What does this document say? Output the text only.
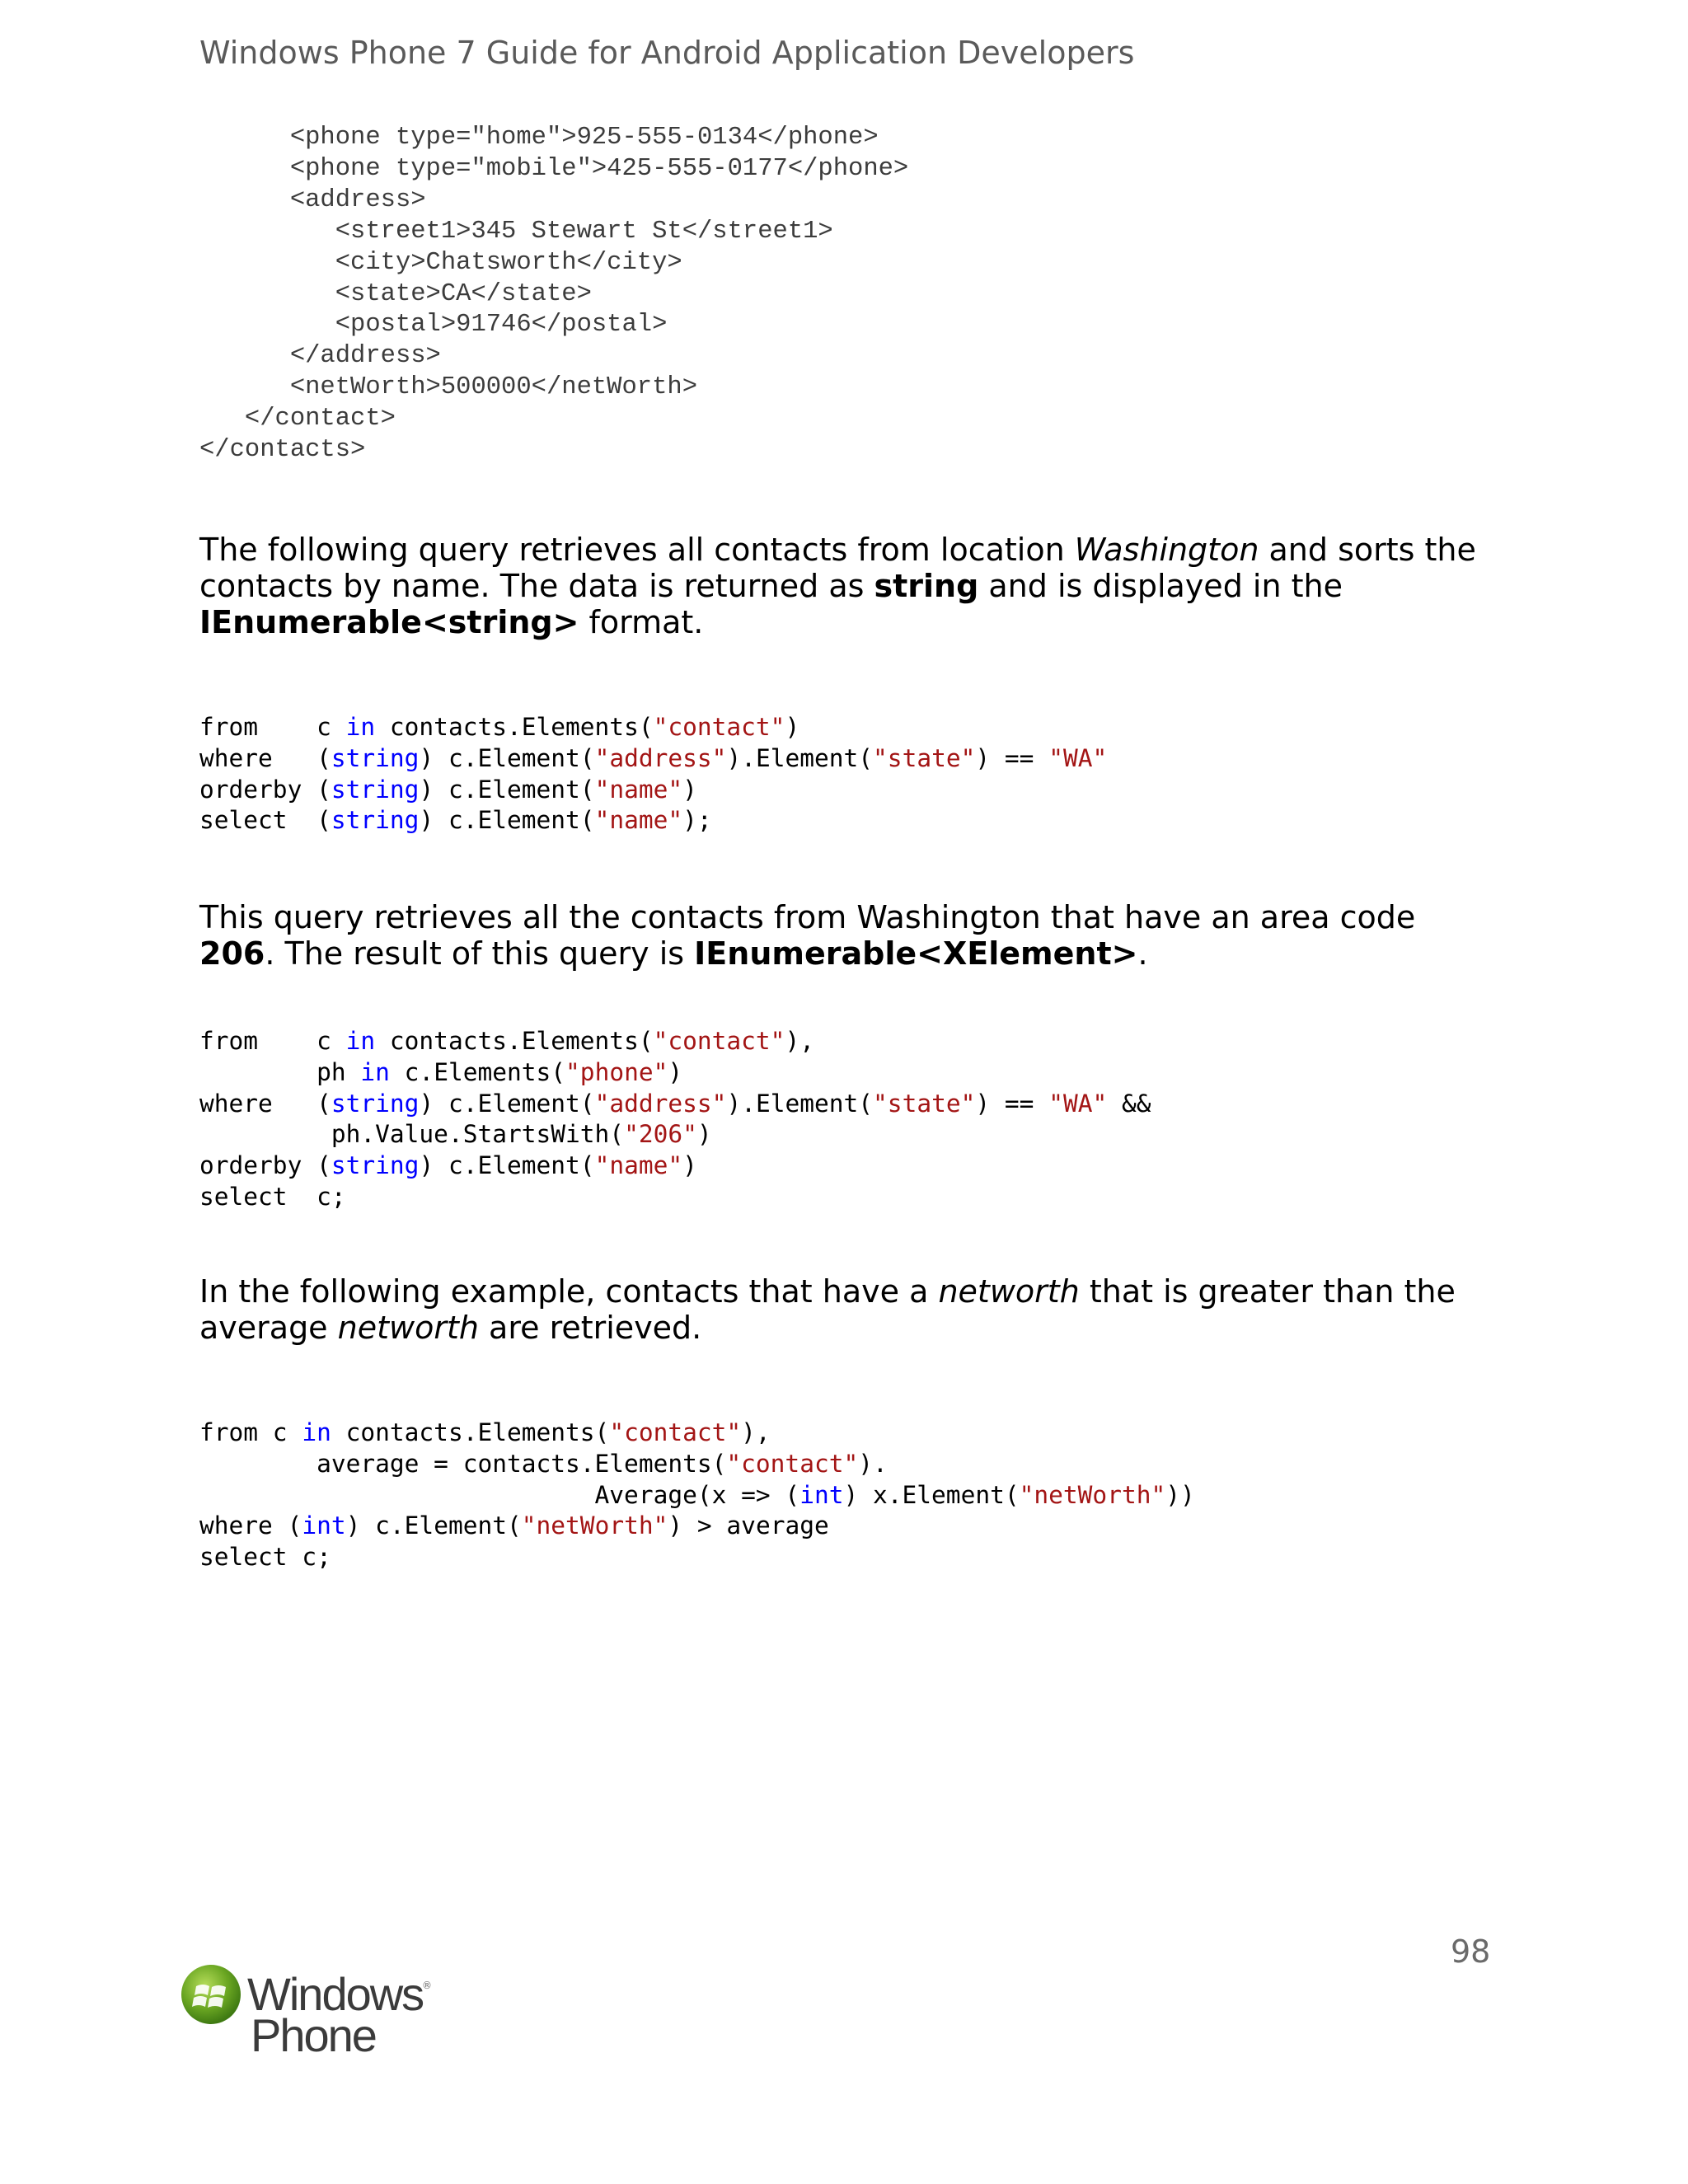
Windows Phone 7 Guide for Android Application Developers
<phone type="home">925-555-0134</phone>
<phone type="mobile">425-555-0177</phone>
<address>
<street1>345 Stewart St</street1>
<city>Chatsworth</city>
<state>CA</state>
<postal>91746</postal>
</address>
<netWorth>500000</netWorth>
</contact>
</contacts>

The following query retrieves all contacts from location Washington and sorts the contacts by name. The data is returned as string and is displayed in the IEnumerable<string> format.

from    c in contacts.Elements("contact")
where   (string) c.Element("address").Element("state") == "WA"
orderby (string) c.Element("name")
select  (string) c.Element("name");

This query retrieves all the contacts from Washington that have an area code 206. The result of this query is IEnumerable<XElement>.

from    c in contacts.Elements("contact"),
ph in c.Elements("phone")
where   (string) c.Element("address").Element("state") == "WA" &&
ph.Value.StartsWith("206")
orderby (string) c.Element("name")
select  c;

In the following example, contacts that have a networth that is greater than the average networth are retrieved.

from c in contacts.Elements("contact"),
average = contacts.Elements("contact").
Average(x => (int) x.Element("netWorth"))
where (int) c.Element("netWorth") > average
select c;
98
Windows
®
Phone
